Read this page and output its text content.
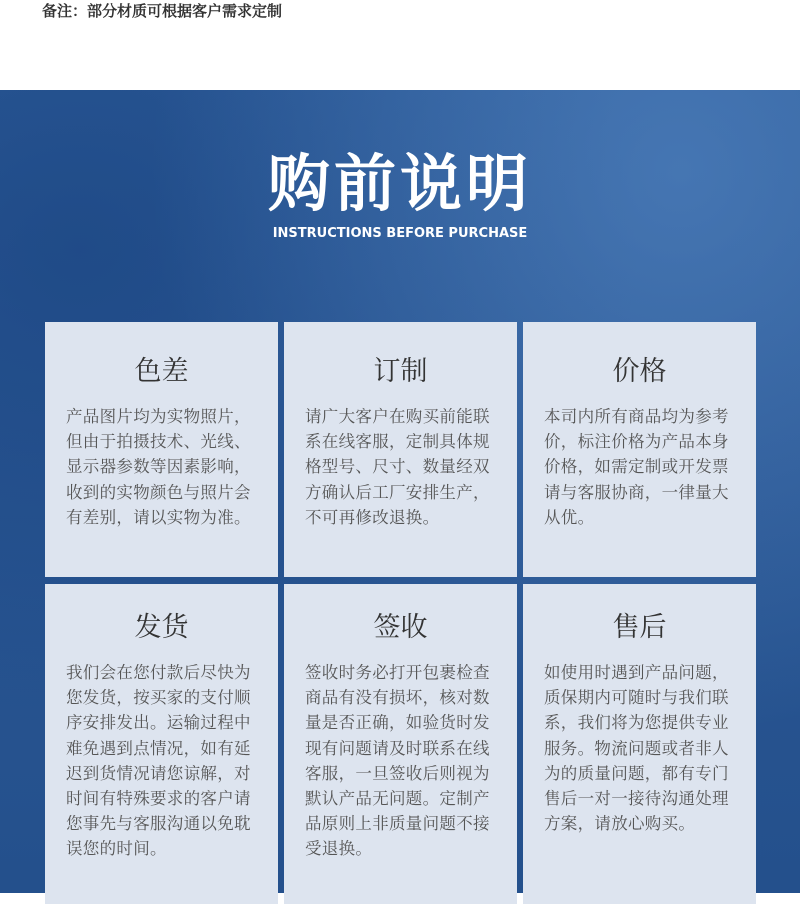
备注：部分材质可根据客户需求定制
购前说明
INSTRUCTIONS BEFORE PURCHASE
色差
产品图片均为实物照片，但由于拍摄技术、光线、显示器参数等因素影响，收到的实物颜色与照片会有差别，请以实物为准。
订制
请广大客户在购买前能联系在线客服，定制具体规格型号、尺寸、数量经双方确认后工厂安排生产，不可再修改退换。
价格
本司内所有商品均为参考价，标注价格为产品本身价格，如需定制或开发票请与客服协商，一律量大从优。
发货
我们会在您付款后尽快为您发货，按买家的支付顺序安排发出。运输过程中难免遇到点情况，如有延迟到货情况请您谅解，对时间有特殊要求的客户请您事先与客服沟通以免耽误您的时间。
签收
签收时务必打开包裹检查商品有没有损坏，核对数量是否正确，如验货时发现有问题请及时联系在线客服，一旦签收后则视为默认产品无问题。定制产品原则上非质量问题不接受退换。
售后
如使用时遇到产品问题，质保期内可随时与我们联系，我们将为您提供专业服务。物流问题或者非人为的质量问题，都有专门售后一对一接待沟通处理方案，请放心购买。
